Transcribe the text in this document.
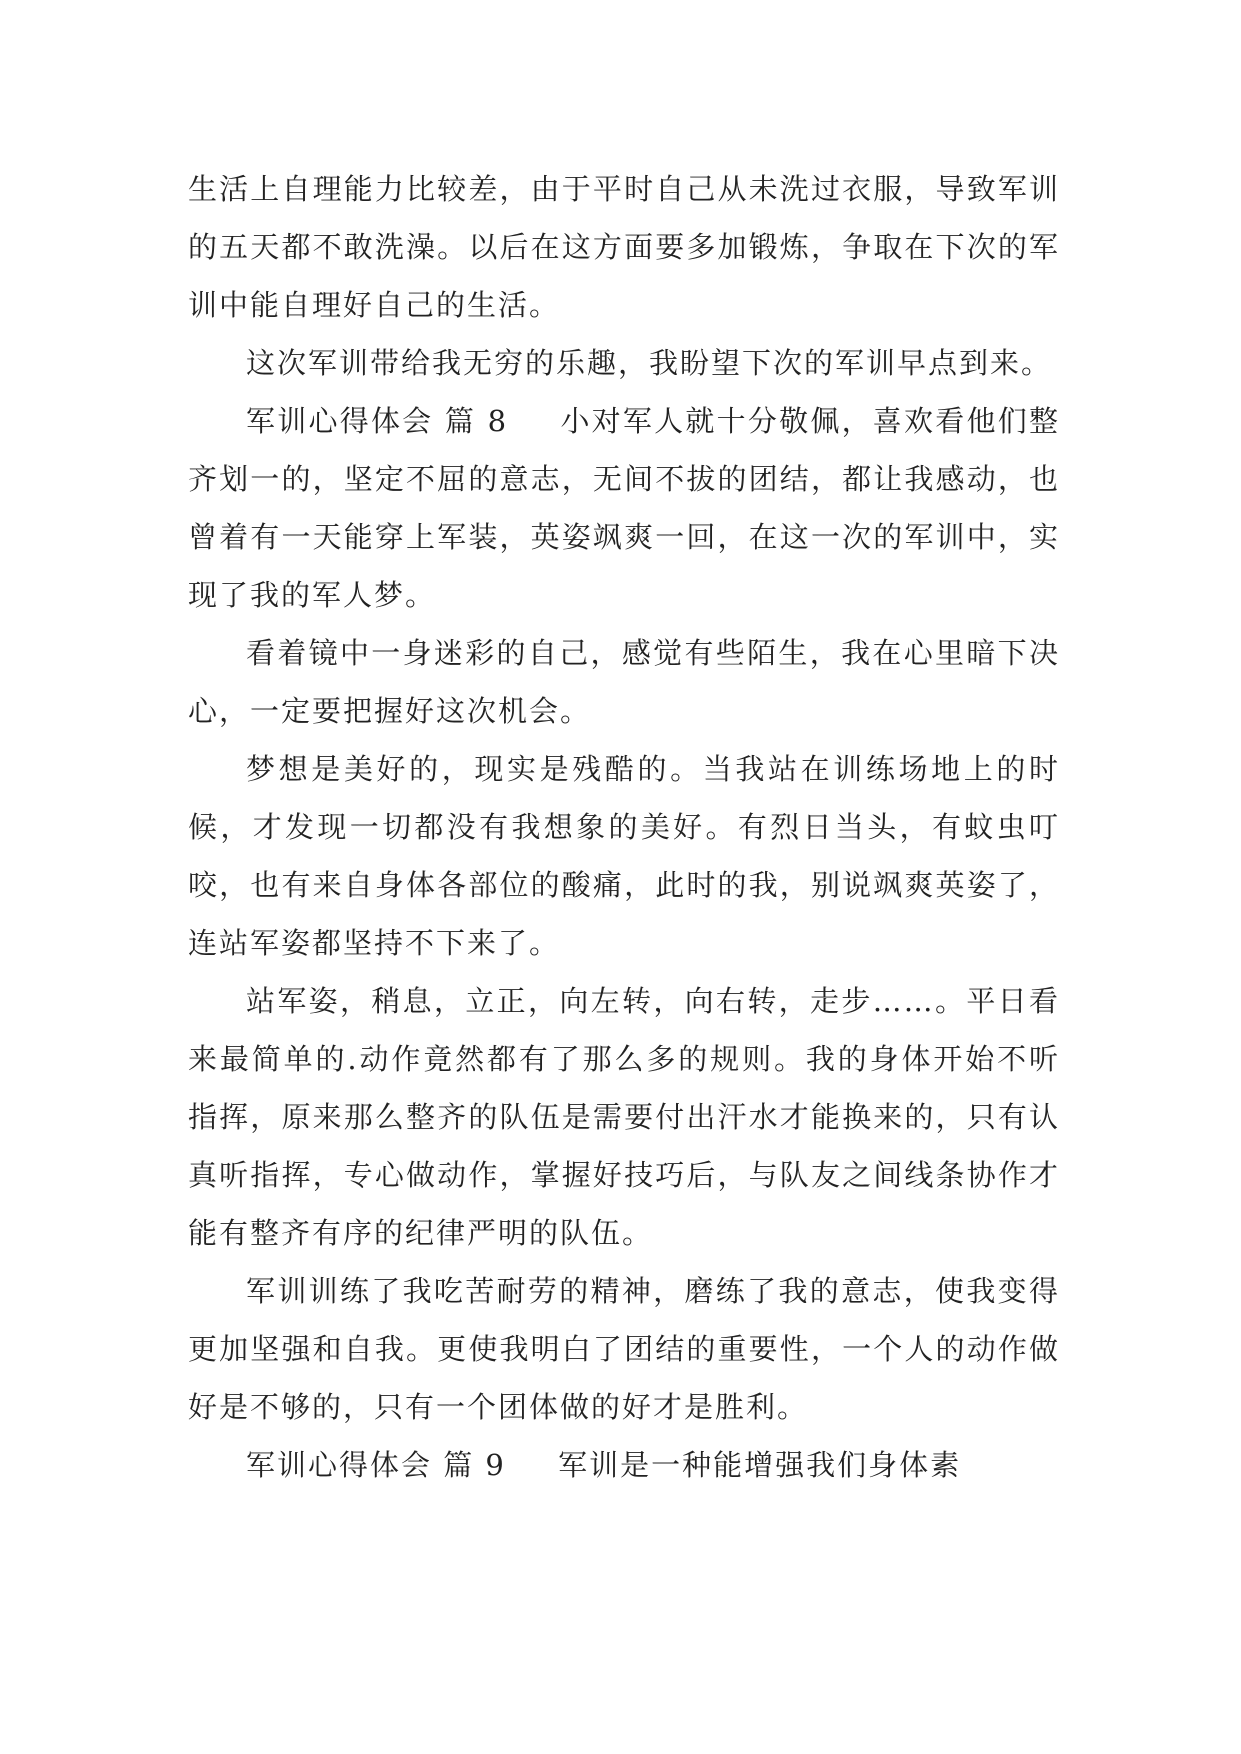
生活上自理能力比较差，由于平时自己从未洗过衣服，导致军训的五天都不敢洗澡。以后在这方面要多加锻炼，争取在下次的军训中能自理好自己的生活。

这次军训带给我无穷的乐趣，我盼望下次的军训早点到来。

军训心得体会 篇 8 小对军人就十分敬佩，喜欢看他们整齐划一的，坚定不屈的意志，无间不拔的团结，都让我感动，也曾着有一天能穿上军装，英姿飒爽一回，在这一次的军训中，实现了我的军人梦。

看着镜中一身迷彩的自己，感觉有些陌生，我在心里暗下决心，一定要把握好这次机会。

梦想是美好的，现实是残酷的。当我站在训练场地上的时候，才发现一切都没有我想象的美好。有烈日当头，有蚊虫叮咬，也有来自身体各部位的酸痛，此时的我，别说飒爽英姿了，连站军姿都坚持不下来了。

站军姿，稍息，立正，向左转，向右转，走步……。平日看来最简单的.动作竟然都有了那么多的规则。我的身体开始不听指挥，原来那么整齐的队伍是需要付出汗水才能换来的，只有认真听指挥，专心做动作，掌握好技巧后，与队友之间线条协作才能有整齐有序的纪律严明的队伍。

军训训练了我吃苦耐劳的精神，磨练了我的意志，使我变得更加坚强和自我。更使我明白了团结的重要性，一个人的动作做好是不够的，只有一个团体做的好才是胜利。

军训心得体会 篇 9 军训是一种能增强我们身体素
